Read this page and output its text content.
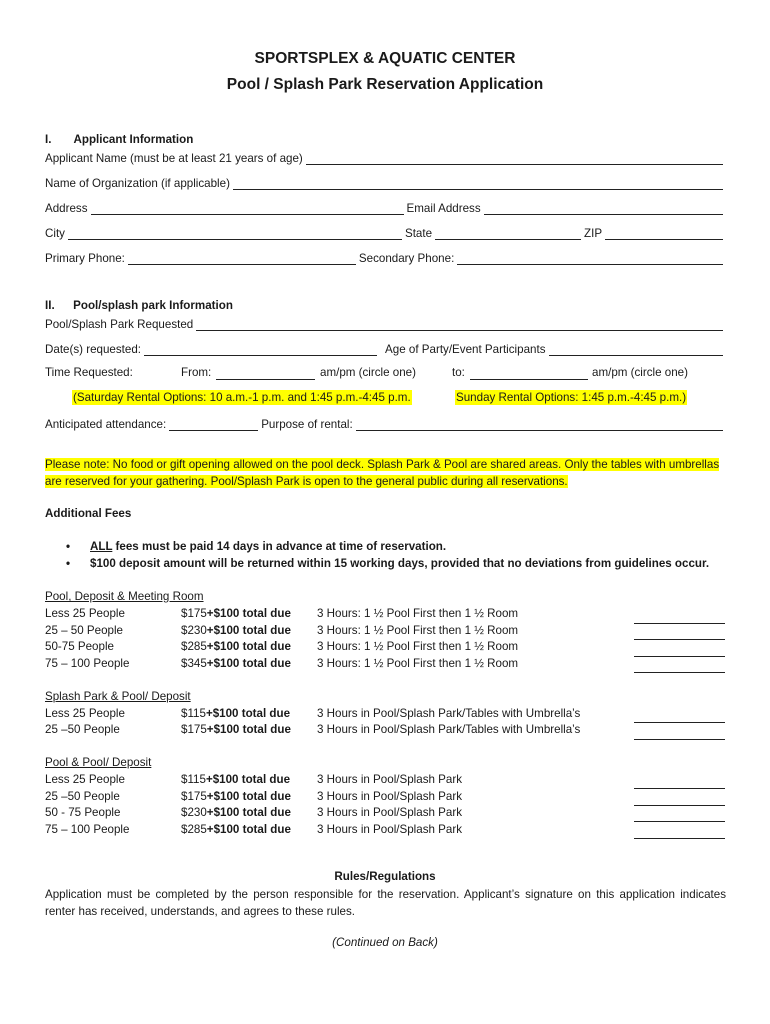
SPORTSPLEX & AQUATIC CENTER
Pool / Splash Park Reservation Application
I. Applicant Information
Applicant Name (must be at least 21 years of age)
Name of Organization (if applicable)
Address	Email Address
City	State	ZIP
Primary Phone:	Secondary Phone:
II. Pool/splash park Information
Pool/Splash Park Requested
Date(s) requested:	Age of Party/Event Participants
Time Requested:	From:	am/pm (circle one)	to:	am/pm (circle one)
(Saturday Rental Options: 10 a.m.-1 p.m. and 1:45 p.m.-4:45 p.m.	Sunday Rental Options: 1:45 p.m.-4:45 p.m.)
Anticipated attendance:	Purpose of rental:
Please note: No food or gift opening allowed on the pool deck. Splash Park & Pool are shared areas. Only the tables with umbrellas are reserved for your gathering. Pool/Splash Park is open to the general public during all reservations.
Additional Fees
• ALL fees must be paid 14 days in advance at time of reservation.
• $100 deposit amount will be returned within 15 working days, provided that no deviations from guidelines occur.
Pool, Deposit & Meeting Room
Less 25 People	$175+$100 total due 3 Hours: 1 ½ Pool First then 1 ½ Room
25 – 50 People	$230+$100 total due 3 Hours: 1 ½ Pool First then 1 ½ Room
50-75 People	$285+$100 total due 3 Hours: 1 ½ Pool First then 1 ½ Room
75 – 100 People	$345+$100 total due 3 Hours: 1 ½ Pool First then 1 ½ Room
Splash Park & Pool/ Deposit
Less 25 People	$115+$100 total due 3 Hours in Pool/Splash Park/Tables with Umbrella’s
25 –50 People	$175+$100 total due 3 Hours in Pool/Splash Park/Tables with Umbrella’s
Pool & Pool/ Deposit
Less 25 People	$115+$100 total due 3 Hours in Pool/Splash Park
25 –50 People	$175+$100 total due 3 Hours in Pool/Splash Park
50 - 75 People	$230+$100 total due 3 Hours in Pool/Splash Park
75 – 100 People	$285+$100 total due 3 Hours in Pool/Splash Park
Rules/Regulations
Application must be completed by the person responsible for the reservation. Applicant’s signature on this application indicates renter has received, understands, and agrees to these rules.
(Continued on Back)
